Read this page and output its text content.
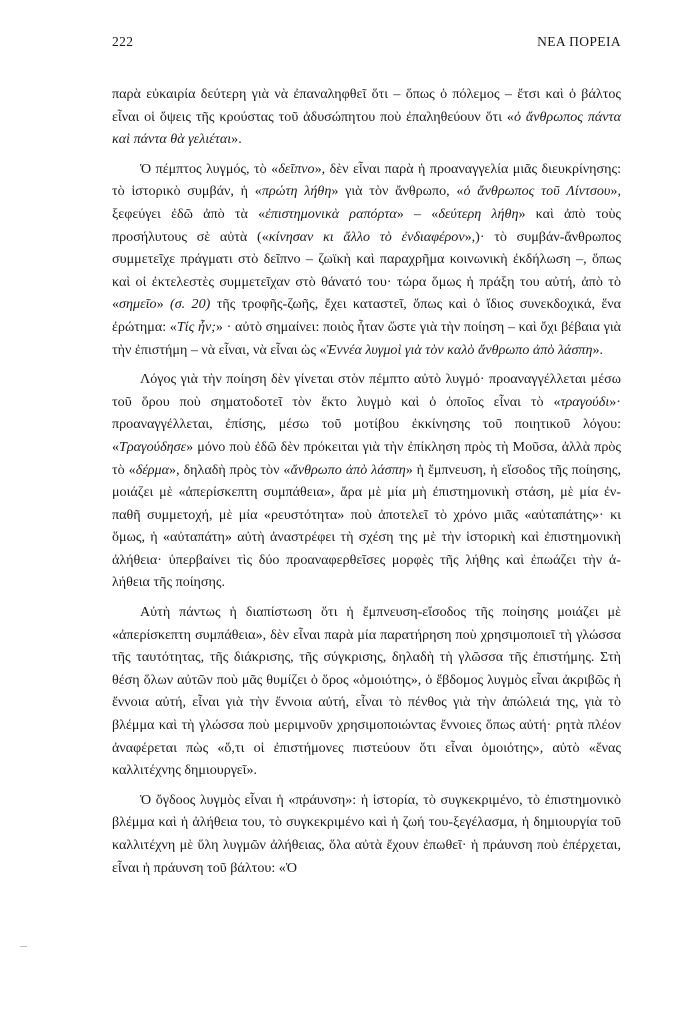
222	ΝΕΑ ΠΟΡΕΙΑ

παρὰ εὐκαιρία δεύτερη γιὰ νὰ ἐπαναληφθεῖ ὅτι – ὅπως ὁ πόλεμος – ἔτσι καὶ ὁ βάλτος εἶναι οἱ ὄψεις τῆς κρούστας τοῦ ἀδυσώπητου ποὺ ἐπαληθεύουν ὅτι «ὁ ἄνθρωπος πάντα καὶ πάντα θὰ γελιέται».

Ὁ πέμπτος λυγμός, τὸ «δεῖπνο», δὲν εἶναι παρὰ ἡ προαναγγελία μιᾶς διευκρίνησης: τὸ ἱστορικὸ συμβάν, ἡ «πρώτη λήθη» γιὰ τὸν ἄνθρωπο, «ὁ ἄνθρωπος τοῦ Λίντσου», ξεφεύγει ἐδῶ ἀπὸ τὰ «ἐπιστημονικὰ ραπόρτα» – «δεύτερη λήθη» καὶ ἀπὸ τοὺς προσήλυτους σὲ αὐτὰ («κίνησαν κι ἄλλο τὸ ἐνδιαφέρον»,)· τὸ συμβάν-ἄνθρωπος συμμετεῖχε πράγματι στὸ δεῖπνο – ζωϊκὴ καὶ παραχρῆμα κοινωνικὴ ἐκδήλωση –, ὅπως καὶ οἱ ἐκτελεστὲς συμμετεῖχαν στὸ θάνατό του· τώρα ὅμως ἡ πράξη του αὐτή, ἀπὸ τὸ «σημεῖο» (σ. 20) τῆς τροφῆς-ζωῆς, ἔχει καταστεῖ, ὅπως καὶ ὁ ἴδιος συνεκδοχικά, ἕνα ἐρώτημα: «Τίς ἦν;» · αὐτὸ σημαίνει: ποιὸς ἦταν ὥστε γιὰ τὴν ποίηση – καὶ ὄχι βέβαια γιὰ τὴν ἐπιστήμη – νὰ εἶναι, νὰ εἶναι ὡς «Ἐννέα λυγμοὶ γιὰ τὸν καλὸ ἄνθρωπο ἀπὸ λάσπη».

Λόγος γιὰ τὴν ποίηση δὲν γίνεται στὸν πέμπτο αὐτὸ λυγμό· προαναγγέλλεται μέσω τοῦ ὅρου ποὺ σηματοδοτεῖ τὸν ἕκτο λυγμὸ καὶ ὁ ὁποῖος εἶναι τὸ «τραγούδι»· προαναγγέλλεται, ἐπίσης, μέσω τοῦ μοτίβου ἐκκίνησης τοῦ ποιητικοῦ λόγου: «Τραγούδησε» μόνο ποὺ ἐδῶ δὲν πρόκειται γιὰ τὴν ἐπίκληση πρὸς τὴ Μοῦσα, ἀλλὰ πρὸς τὸ «δέρμα», δηλαδὴ πρὸς τὸν «ἄνθρωπο ἀπὸ λάσπη» ἡ ἔμπνευση, ἡ εἴσοδος τῆς ποίησης, μοιάζει μὲ «ἀπερίσκεπτη συμπάθεια», ἄρα μὲ μία μὴ ἐπιστημονικὴ στάση, μὲ μία ἐν-παθῆ συμμετοχή, μὲ μία «ρευστότητα» ποὺ ἀποτελεῖ τὸ χρόνο μιᾶς «αὐταπάτης»· κι ὅμως, ἡ «αὐταπάτη» αὐτὴ ἀναστρέφει τὴ σχέση της μὲ τὴν ἱστορικὴ καὶ ἐπιστημονικὴ ἀλήθεια· ὑπερβαίνει τὶς δύο προαναφερθεῖσες μορφὲς τῆς λήθης καὶ ἐπωάζει τὴν ἀ-λήθεια τῆς ποίησης.

Αὐτὴ πάντως ἡ διαπίστωση ὅτι ἡ ἔμπνευση-εἴσοδος τῆς ποίησης μοιάζει μὲ «ἀπερίσκεπτη συμπάθεια», δὲν εἶναι παρὰ μία παρατήρηση ποὺ χρησιμοποιεῖ τὴ γλώσσα τῆς ταυτότητας, τῆς διάκρισης, τῆς σύγκρισης, δηλαδὴ τὴ γλῶσσα τῆς ἐπιστήμης. Στὴ θέση ὅλων αὐτῶν ποὺ μᾶς θυμίζει ὁ ὅρος «ὁμοιότης», ὁ ἕβδομος λυγμὸς εἶναι ἀκριβῶς ἡ ἔννοια αὐτή, εἶναι γιὰ τὴν ἔννοια αὐτή, εἶναι τὸ πένθος γιὰ τὴν ἀπώλειά της, γιὰ τὸ βλέμμα καὶ τὴ γλώσσα ποὺ μεριμνοῦν χρησιμοποιώντας ἔννοιες ὅπως αὐτή· ρητὰ πλέον ἀναφέρεται πὼς «ὅ,τι οἱ ἐπιστήμονες πιστεύουν ὅτι εἶναι ὁμοιότης», αὐτὸ «ἕνας καλλιτέχνης δημιουργεῖ».

Ὁ ὄγδοος λυγμὸς εἶναι ἡ «πράυνση»: ἡ ἱστορία, τὸ συγκεκριμένο, τὸ ἐπιστημονικὸ βλέμμα καὶ ἡ ἀλήθεια του, τὸ συγκεκριμένο καὶ ἡ ζωή του-ξεγέλασμα, ἡ δημιουργία τοῦ καλλιτέχνη μὲ ὕλη λυγμῶν ἀλήθειας, ὅλα αὐτὰ ἔχουν ἐπωθεῖ· ἡ πράυνση ποὺ ἐπέρχεται, εἶναι ἡ πράυνση τοῦ βάλτου: «Ὁ
